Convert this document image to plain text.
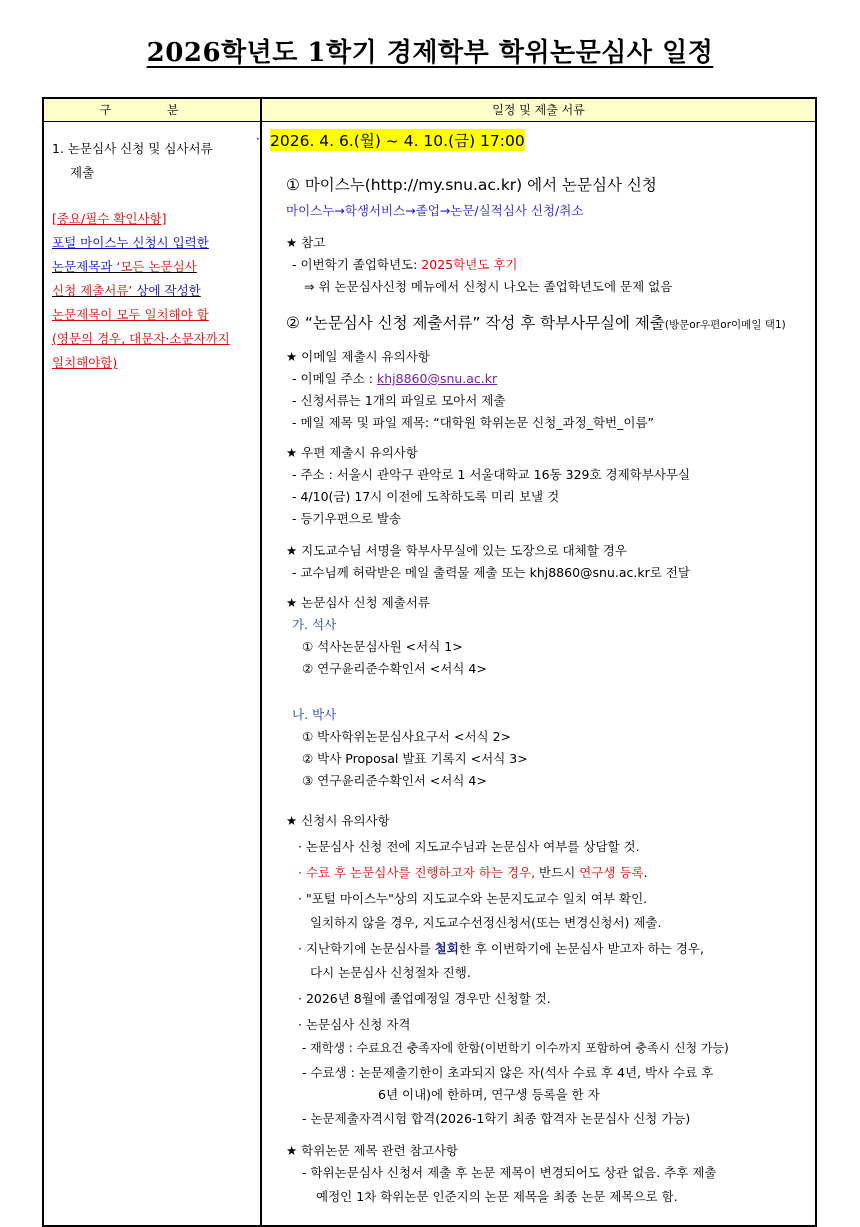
2026학년도 1학기 경제학부 학위논문심사 일정
구 분	일정 및 제출 서류
1. 논문심사 신청 및 심사서류
제출
[중요/필수 확인사항]
포털 마이스누 신청시 입력한
논문제목과 ‘모든 논문심사
신청 제출서류’ 상에 작성한
논문제목이 모두 일치해야 함
(영문의 경우, 대문자·소문자까지
일치해야함)
· 2026. 4. 6.(월) ~ 4. 10.(금) 17:00
① 마이스누(http://my.snu.ac.kr) 에서 논문심사 신청
마이스누→학생서비스→졸업→논문/실적심사 신청/취소
★ 참고
- 이번학기 졸업학년도: 2025학년도 후기
⇒ 위 논문심사신청 메뉴에서 신청시 나오는 졸업학년도에 문제 없음
② “논문심사 신청 제출서류” 작성 후 학부사무실에 제출(방문or우편or이메일 택1)
★ 이메일 제출시 유의사항
- 이메일 주소 : khj8860@snu.ac.kr
- 신청서류는 1개의 파일로 모아서 제출
- 메일 제목 및 파일 제목: “대학원 학위논문 신청_과정_학번_이름”
★ 우편 제출시 유의사항
- 주소 : 서울시 관악구 관악로 1 서울대학교 16동 329호 경제학부사무실
- 4/10(금) 17시 이전에 도착하도록 미리 보낼 것
- 등기우편으로 발송
★ 지도교수님 서명을 학부사무실에 있는 도장으로 대체할 경우
- 교수님께 허락받은 메일 출력물 제출 또는 khj8860@snu.ac.kr로 전달
★ 논문심사 신청 제출서류
가. 석사
① 석사논문심사원 <서식 1>
② 연구윤리준수확인서 <서식 4>
나. 박사
① 박사학위논문심사요구서 <서식 2>
② 박사 Proposal 발표 기록지 <서식 3>
③ 연구윤리준수확인서 <서식 4>
★ 신청시 유의사항
· 논문심사 신청 전에 지도교수님과 논문심사 여부를 상담할 것.
· 수료 후 논문심사를 진행하고자 하는 경우, 반드시 연구생 등록.
· "포털 마이스누"상의 지도교수와 논문지도교수 일치 여부 확인.
일치하지 않을 경우, 지도교수선정신청서(또는 변경신청서) 제출.
· 지난학기에 논문심사를 철회한 후 이번학기에 논문심사 받고자 하는 경우,
다시 논문심사 신청절차 진행.
· 2026년 8월에 졸업예정일 경우만 신청할 것.
· 논문심사 신청 자격
- 재학생 : 수료요건 충족자에 한함(이번학기 이수까지 포함하여 충족시 신청 가능)
- 수료생 : 논문제출기한이 초과되지 않은 자(석사 수료 후 4년, 박사 수료 후
6년 이내)에 한하며, 연구생 등록을 한 자
- 논문제출자격시험 합격(2026-1학기 최종 합격자 논문심사 신청 가능)
★ 학위논문 제목 관련 참고사항
- 학위논문심사 신청서 제출 후 논문 제목이 변경되어도 상관 없음. 추후 제출
예정인 1차 학위논문 인준지의 논문 제목을 최종 논문 제목으로 함.
